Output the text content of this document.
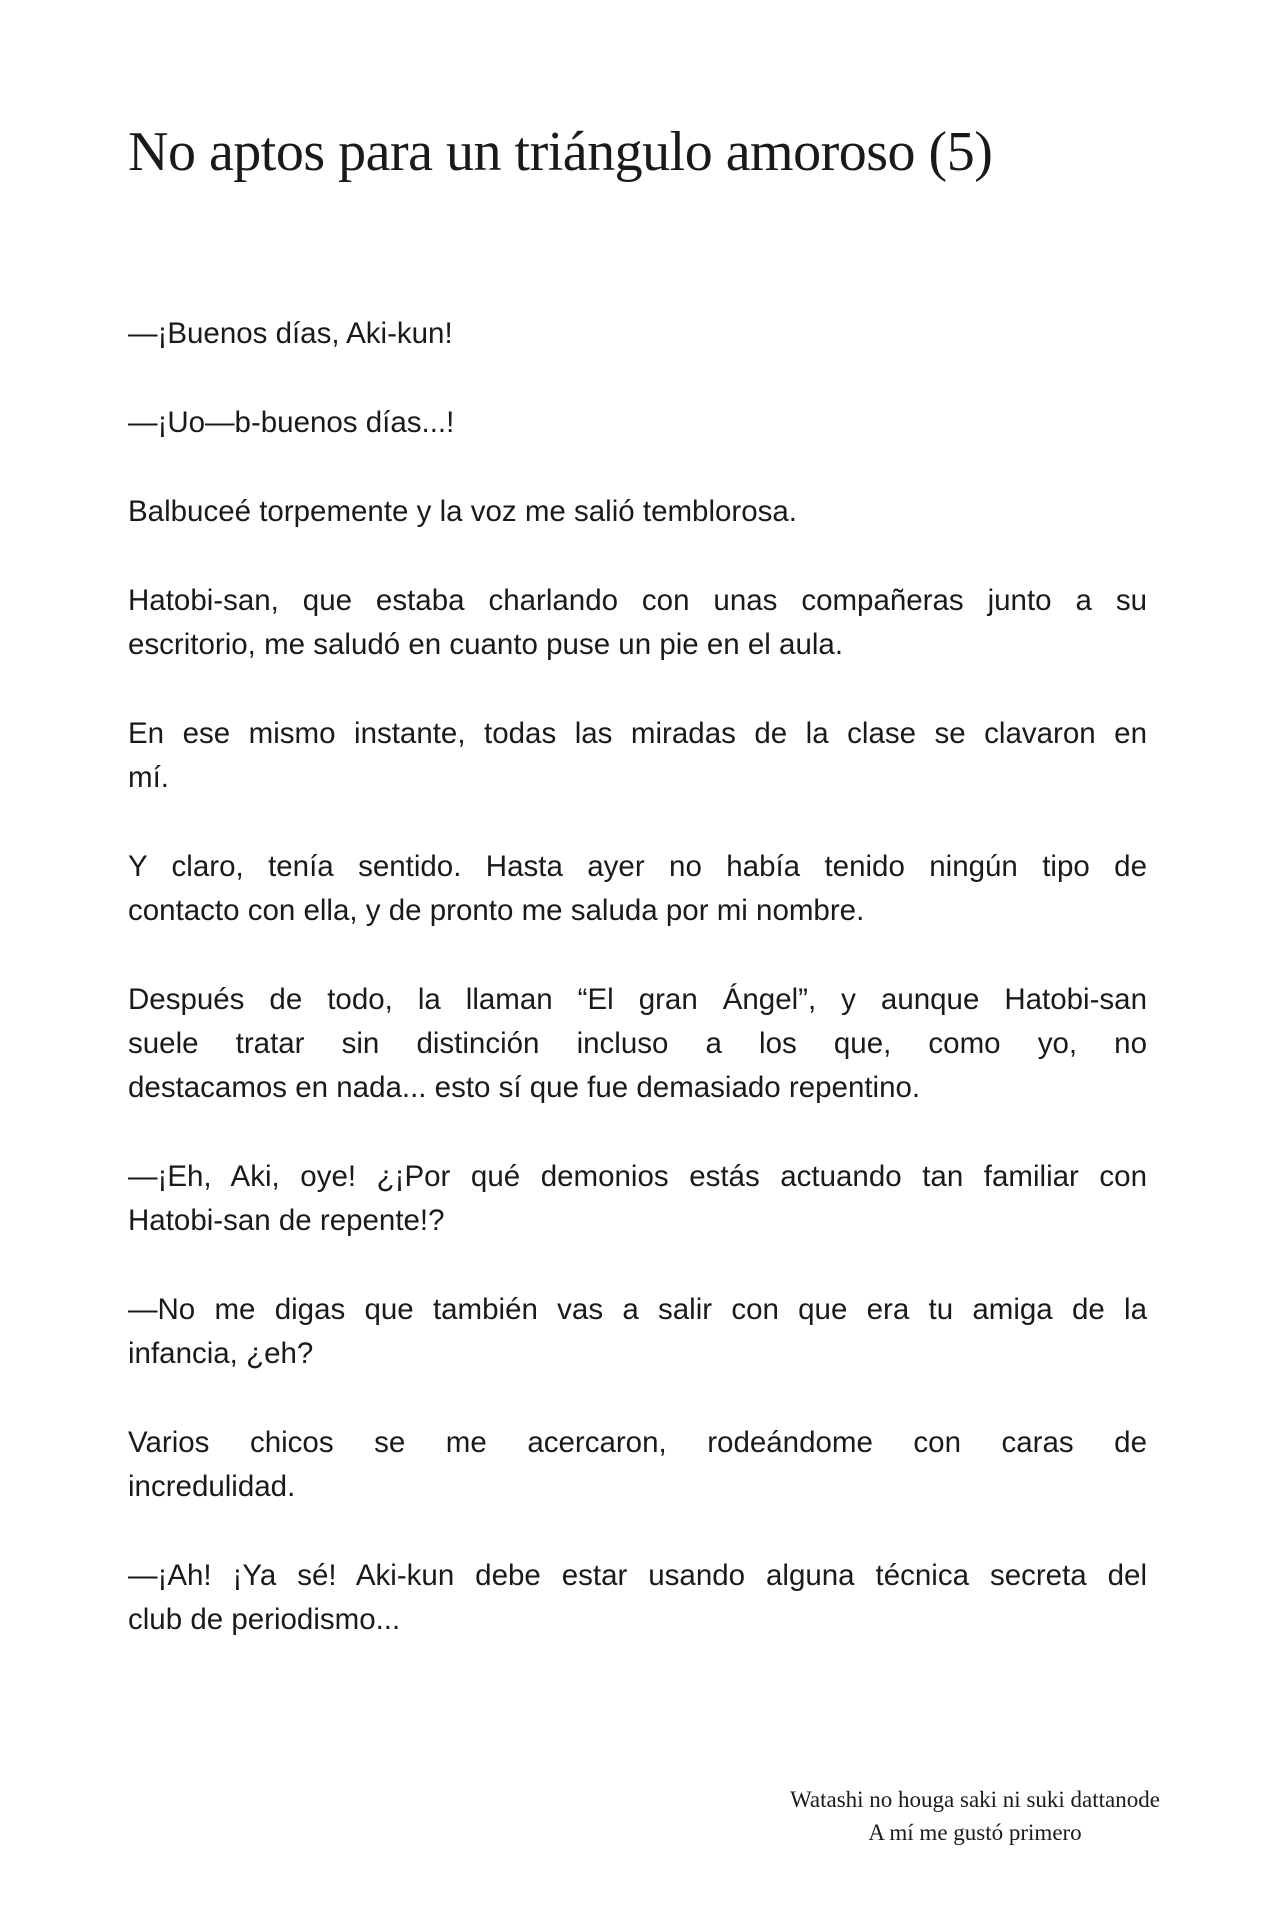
No aptos para un triángulo amoroso (5)

—¡Buenos días, Aki-kun!

—¡Uo—b-buenos días...!

Balbuceé torpemente y la voz me salió temblorosa.

Hatobi-san, que estaba charlando con unas compañeras junto a su
escritorio, me saludó en cuanto puse un pie en el aula.

En ese mismo instante, todas las miradas de la clase se clavaron en
mí.

Y claro, tenía sentido. Hasta ayer no había tenido ningún tipo de
contacto con ella, y de pronto me saluda por mi nombre.

Después de todo, la llaman “El gran Ángel”, y aunque Hatobi-san
suele tratar sin distinción incluso a los que, como yo, no
destacamos en nada... esto sí que fue demasiado repentino.

—¡Eh, Aki, oye! ¿¡Por qué demonios estás actuando tan familiar con
Hatobi-san de repente!?

—No me digas que también vas a salir con que era tu amiga de la
infancia, ¿eh?

Varios chicos se me acercaron, rodeándome con caras de
incredulidad.

—¡Ah! ¡Ya sé! Aki-kun debe estar usando alguna técnica secreta del
club de periodismo...

Watashi no houga saki ni suki dattanode
A mí me gustó primero
